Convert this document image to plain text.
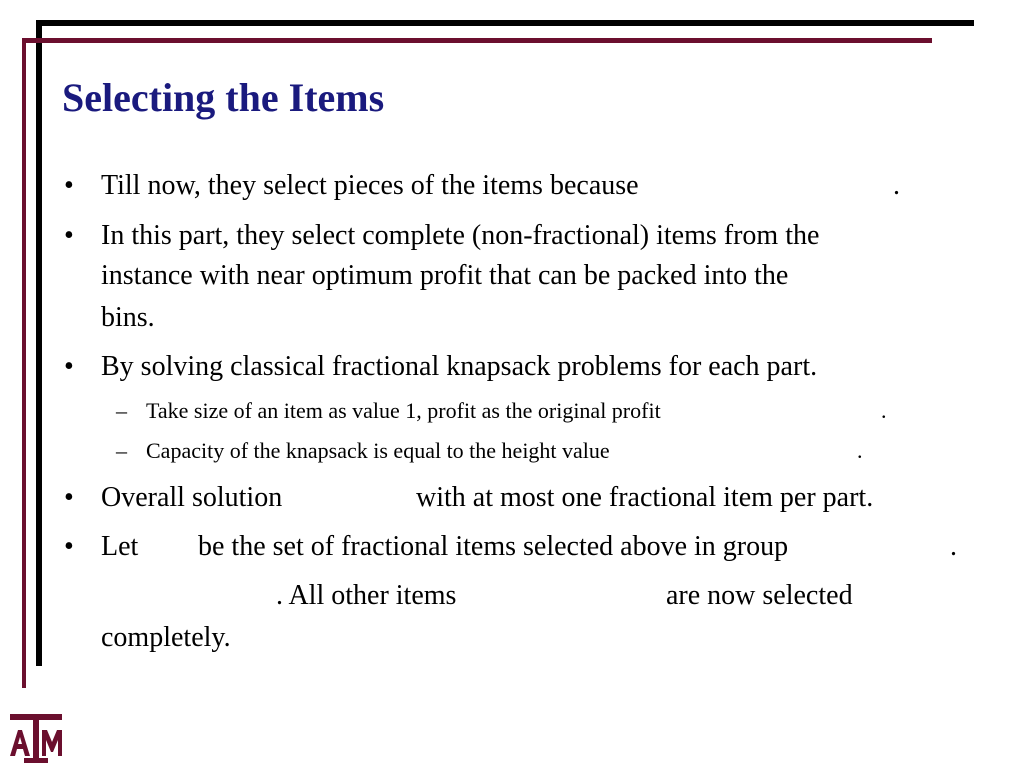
Selecting the Items
• Till now, they select pieces of the items because	.
• In this part, they select complete (non-fractional) items from the
instance with near optimum profit that can be packed into the
bins.
• By solving classical fractional knapsack problems for each part.
– Take size of an item as value 1, profit as the original profit	.
– Capacity of the knapsack is equal to the height value	.
• Overall solution	with at most one fractional item per part.
• Let be the set of fractional items selected above in group	.
. All other items	are now selected
completely.
